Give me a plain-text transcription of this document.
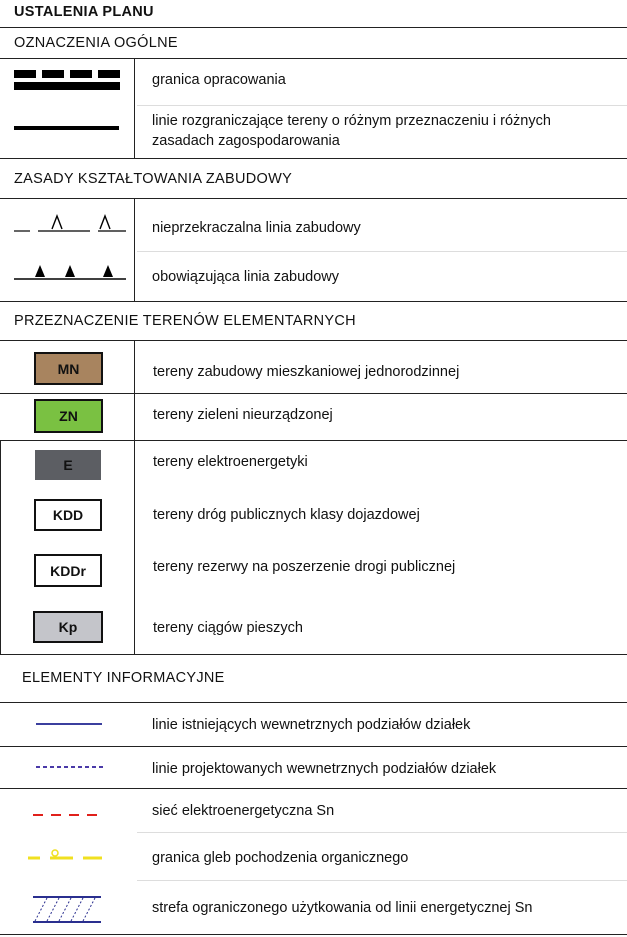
USTALENIA PLANU
OZNACZENIA OGÓLNE
granica opracowania
linie rozgraniczające tereny o różnym przeznaczeniu i różnych
zasadach zagospodarowania
ZASADY KSZTAŁTOWANIA ZABUDOWY
nieprzekraczalna linia zabudowy
obowiązująca linia zabudowy
PRZEZNACZENIE TERENÓW ELEMENTARNYCH
MN	tereny zabudowy mieszkaniowej jednorodzinnej
ZN	tereny zieleni nieurządzonej
E	tereny elektroenergetyki
KDD	tereny dróg publicznych klasy dojazdowej
KDDr	tereny rezerwy na poszerzenie drogi publicznej
Kp	tereny ciągów pieszych
ELEMENTY INFORMACYJNE
linie istniejących wewnetrznych podziałów działek
linie projektowanych wewnetrznych podziałów działek
sieć elektroenergetyczna Sn
granica gleb pochodzenia organicznego
strefa ograniczonego użytkowania od linii energetycznej Sn
